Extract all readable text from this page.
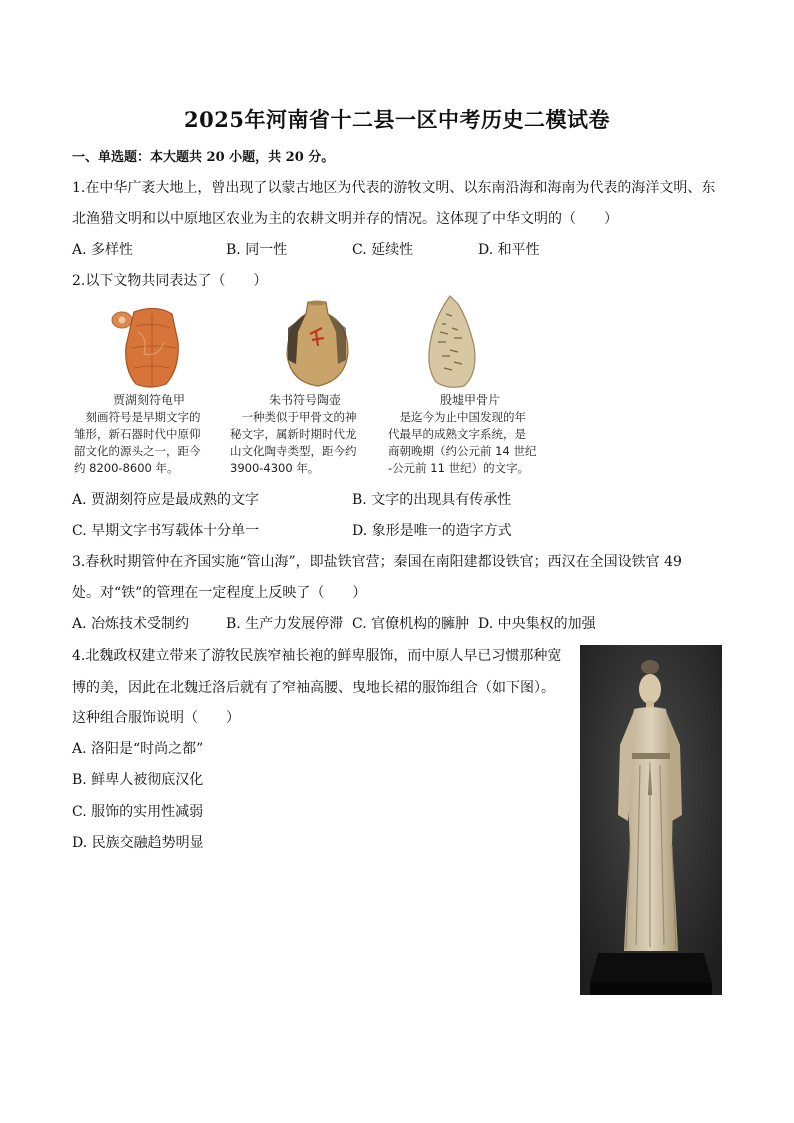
2025年河南省十二县一区中考历史二模试卷
一、单选题：本大题共 20 小题，共 20 分。
1.在中华广袤大地上，曾出现了以蒙古地区为代表的游牧文明、以东南沿海和海南为代表的海洋文明、东
北渔猎文明和以中原地区农业为主的农耕文明并存的情况。这体现了中华文明的（　　）
A. 多样性	B. 同一性	C. 延续性	D. 和平性
2.以下文物共同表达了（　　）
贾湖刻符龟甲
　刻画符号是早期文字的
雏形，新石器时代中原仰
韶文化的源头之一，距今
约 8200-8600 年。
朱书符号陶壶
　一种类似于甲骨文的神
秘文字，属新时期时代龙
山文化陶寺类型，距今约
3900-4300 年。
殷墟甲骨片
　是迄今为止中国发现的年
代最早的成熟文字系统，是
商朝晚期（约公元前 14 世纪
-公元前 11 世纪）的文字。
A. 贾湖刻符应是最成熟的文字	B. 文字的出现具有传承性
C. 早期文字书写载体十分单一	D. 象形是唯一的造字方式
3.春秋时期管仲在齐国实施“管山海”，即盐铁官营；秦国在南阳建都设铁官；西汉在全国设铁官 49
处。对“铁”的管理在一定程度上反映了（　　）
A. 冶炼技术受制约	B. 生产力发展停滞 C. 官僚机构的臃肿 D. 中央集权的加强
4.北魏政权建立带来了游牧民族窄袖长袍的鲜卑服饰，而中原人早已习惯那种宽
博的美，因此在北魏迁洛后就有了窄袖高腰、曳地长裙的服饰组合（如下图）。
这种组合服饰说明（　　）
A. 洛阳是“时尚之都”
B. 鲜卑人被彻底汉化
C. 服饰的实用性减弱
D. 民族交融趋势明显
